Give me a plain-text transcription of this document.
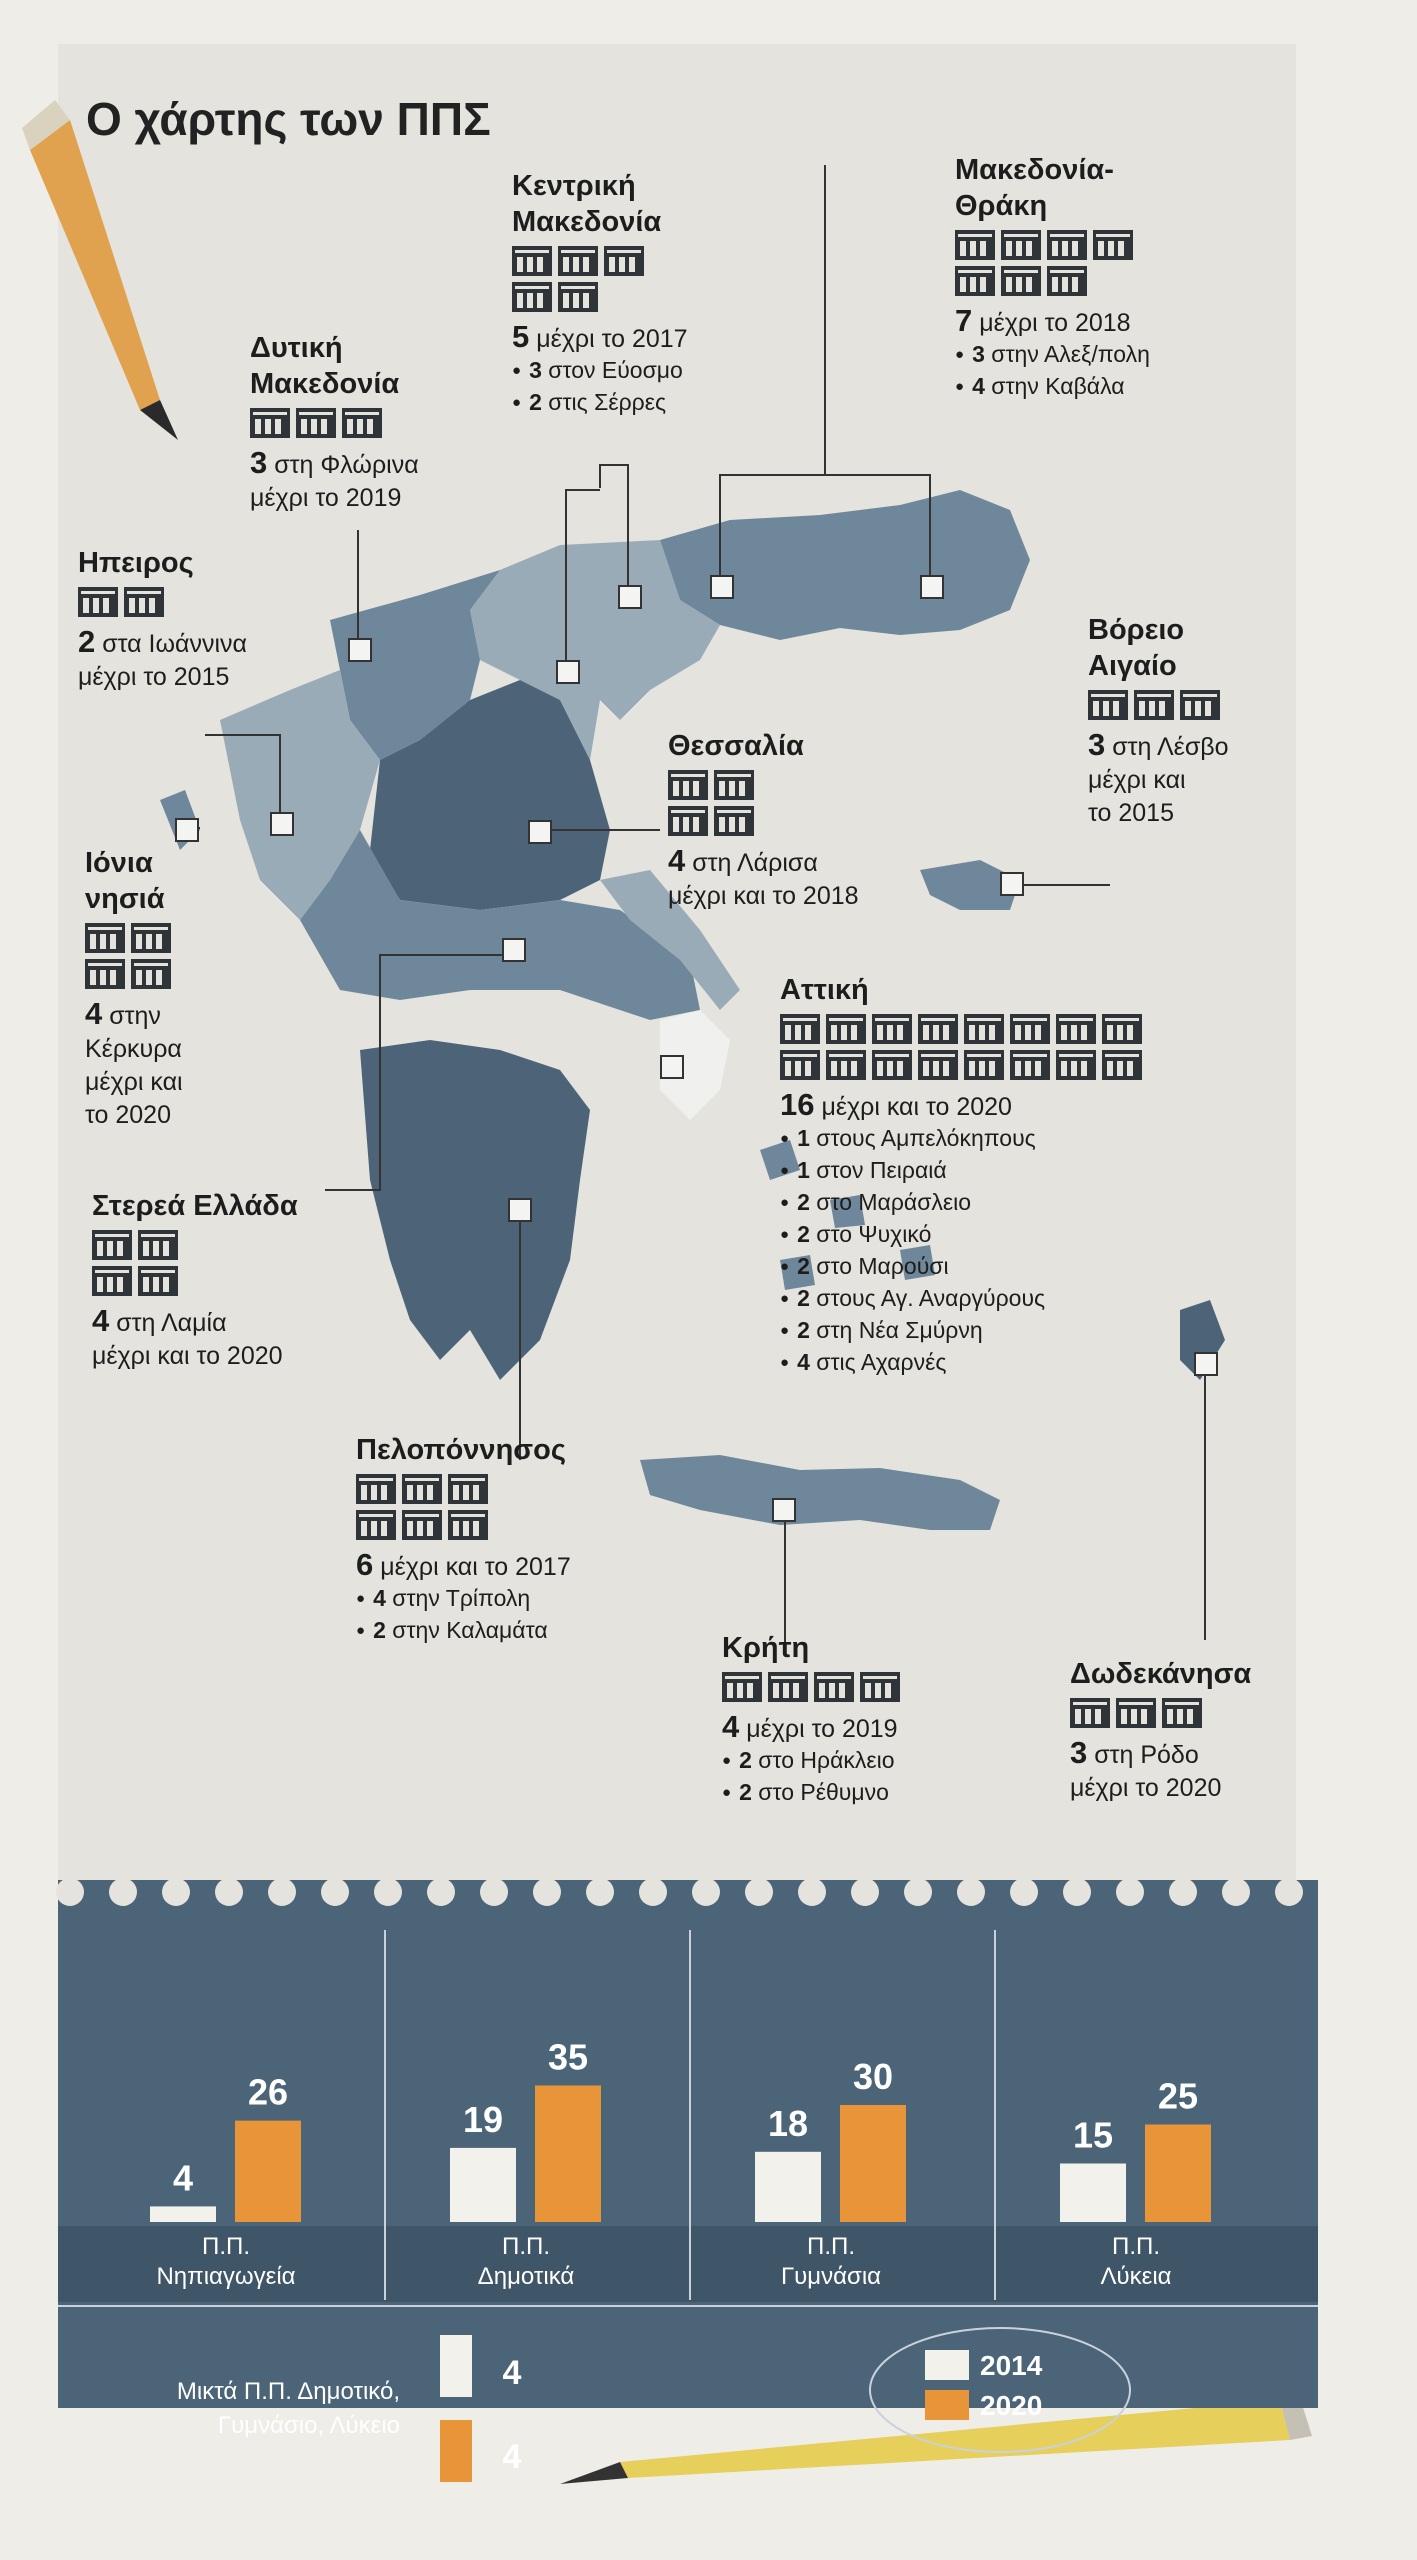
Ο χάρτης των ΠΠΣ
Κεντρική
Μακεδονία
5 μέχρι το 2017
● 3 στον Εύοσμο
● 2 στις Σέρρες
Μακεδονία-
Θράκη
7 μέχρι το 2018
● 3 στην Αλεξ/πολη
● 4 στην Καβάλα
Δυτική
Μακεδονία
3 στη Φλώρινα
μέχρι το 2019
Ηπειρος
2 στα Ιωάννινα
μέχρι το 2015
Βόρειο
Αιγαίο
3 στη Λέσβο
μέχρι και
το 2015
Θεσσαλία
4 στη Λάρισα
μέχρι και το 2018
Ιόνια
νησιά
4 στην
Κέρκυρα
μέχρι και
το 2020
Αττική
16 μέχρι και το 2020
● 1 στους Αμπελόκηπους
● 1 στον Πειραιά
● 2 στο Μαράσλειο
● 2 στο Ψυχικό
● 2 στο Μαρούσι
● 2 στους Αγ. Αναργύρους
● 2 στη Νέα Σμύρνη
● 4 στις Αχαρνές
Στερεά Ελλάδα
4 στη Λαμία
μέχρι και το 2020
Πελοπόννησος
6 μέχρι και το 2017
● 4 στην Τρίπολη
● 2 στην Καλαμάτα
Κρήτη
4 μέχρι το 2019
● 2 στο Ηράκλειο
● 2 στο Ρέθυμνο
Δωδεκάνησα
3 στη Ρόδο
μέχρι το 2020
4
26
Π.Π.
Νηπιαγωγεία
19
35
Π.Π.
Δημοτικά
18
30
Π.Π.
Γυμνάσια
15
25
Π.Π.
Λύκεια
4
4
2014
2020
Μικτά Π.Π. Δημοτικό,
Γυμνάσιο, Λύκειο
